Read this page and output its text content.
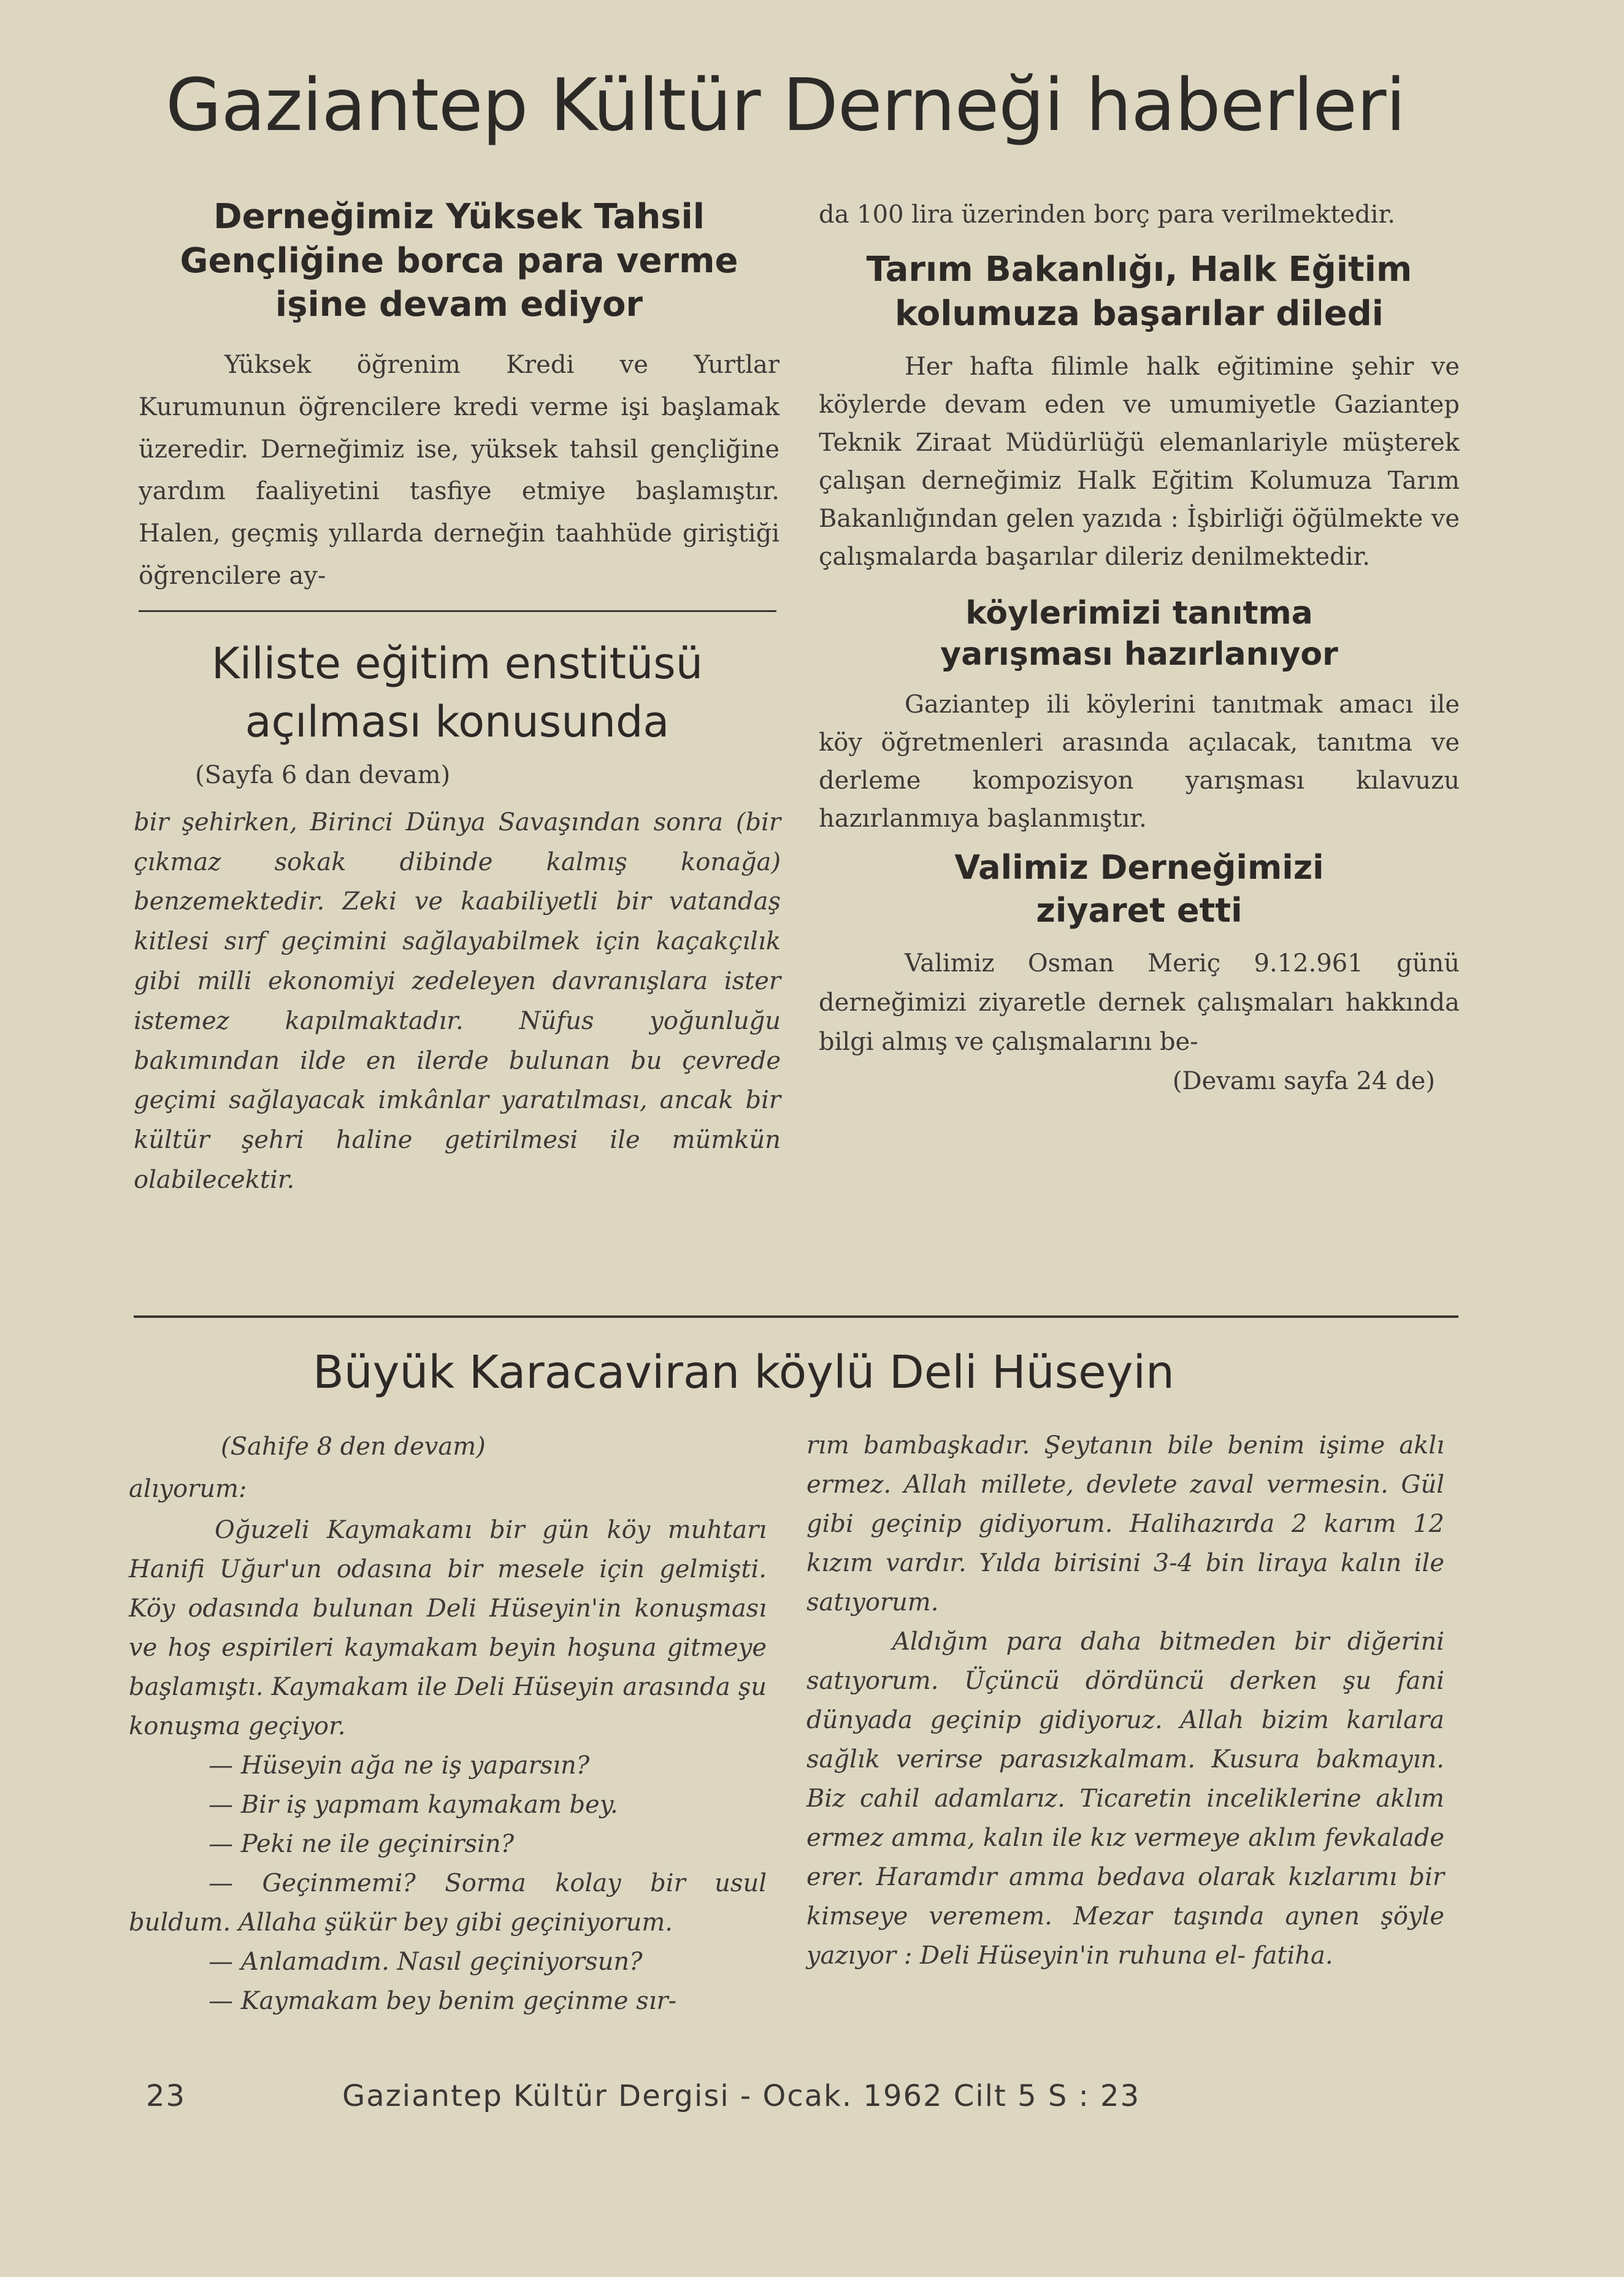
Gaziantep Kültür Derneği haberleri
Derneğimiz Yüksek Tahsil
Gençliğine borca para verme
işine devam ediyor

Yüksek öğrenim Kredi ve Yurtlar Kurumunun öğrencilere kredi verme işi başlamak üzeredir. Derneğimiz ise, yüksek tahsil gençliğine yardım faaliyetini tasfiye etmiye başlamıştır. Halen, geçmiş yıllarda derneğin taahhüde giriştiği öğrencilere ay-

Kiliste eğitim enstitüsü
açılması konusunda

(Sayfa 6 dan devam)

bir şehirken, Birinci Dünya Savaşından sonra (bir çıkmaz sokak dibinde kalmış konağa) benzemektedir. Zeki ve kaabiliyetli bir vatandaş kitlesi sırf geçimini sağlayabilmek için kaçakçılık gibi milli ekonomiyi zedeleyen davranışlara ister istemez kapılmaktadır. Nüfus yoğunluğu bakımından ilde en ilerde bulunan bu çevrede geçimi sağlayacak imkânlar yaratılması, ancak bir kültür şehri haline getirilmesi ile mümkün olabilecektir.

da 100 lira üzerinden borç para verilmektedir.

Tarım Bakanlığı, Halk Eğitim
kolumuza başarılar diledi

Her hafta filimle halk eğitimine şehir ve köylerde devam eden ve umumiyetle Gaziantep Teknik Ziraat Müdürlüğü elemanlariyle müşterek çalışan derneğimiz Halk Eğitim Kolumuza Tarım Bakanlığından gelen yazıda : İşbirliği öğülmekte ve çalışmalarda başarılar dileriz denilmektedir.

köylerimizi tanıtma
yarışması hazırlanıyor

Gaziantep ili köylerini tanıtmak amacı ile köy öğretmenleri arasında açılacak, tanıtma ve derleme kompozisyon yarışması kılavuzu hazırlanmıya başlanmıştır.

Valimiz Derneğimizi
ziyaret etti

Valimiz Osman Meriç 9.12.961 günü derneğimizi ziyaretle dernek çalışmaları hakkında bilgi almış ve çalışmalarını be-

(Devamı sayfa 24 de)

Büyük Karacaviran köylü Deli Hüseyin

(Sahife 8 den devam)

alıyorum:

Oğuzeli Kaymakamı bir gün köy muhtarı Hanifi Uğur'un odasına bir mesele için gelmişti. Köy odasında bulunan Deli Hüseyin'in konuşması ve hoş espirileri kaymakam beyin hoşuna gitmeye başlamıştı. Kaymakam ile Deli Hüseyin arasında şu konuşma geçiyor.

— Hüseyin ağa ne iş yaparsın?

— Bir iş yapmam kaymakam bey.

— Peki ne ile geçinirsin?

— Geçinmemi? Sorma kolay bir usul buldum. Allaha şükür bey gibi geçiniyorum.

— Anlamadım. Nasıl geçiniyorsun?

— Kaymakam bey benim geçinme sır-

rım bambaşkadır. Şeytanın bile benim işime aklı ermez. Allah millete, devlete zaval vermesin. Gül gibi geçinip gidiyorum. Halihazırda 2 karım 12 kızım vardır. Yılda birisini 3-4 bin liraya kalın ile satıyorum.

Aldığım para daha bitmeden bir diğerini satıyorum. Üçüncü dördüncü derken şu fani dünyada geçinip gidiyoruz. Allah bizim karılara sağlık verirse parasızkalmam. Kusura bakmayın. Biz cahil adamlarız. Ticaretin inceliklerine aklım ermez amma, kalın ile kız vermeye aklım fevkalade erer. Haramdır amma bedava olarak kızlarımı bir kimseye veremem. Mezar taşında aynen şöyle yazıyor : Deli Hüseyin'in ruhuna el- fatiha.

23	Gaziantep Kültür Dergisi - Ocak. 1962 Cilt 5 S : 23
